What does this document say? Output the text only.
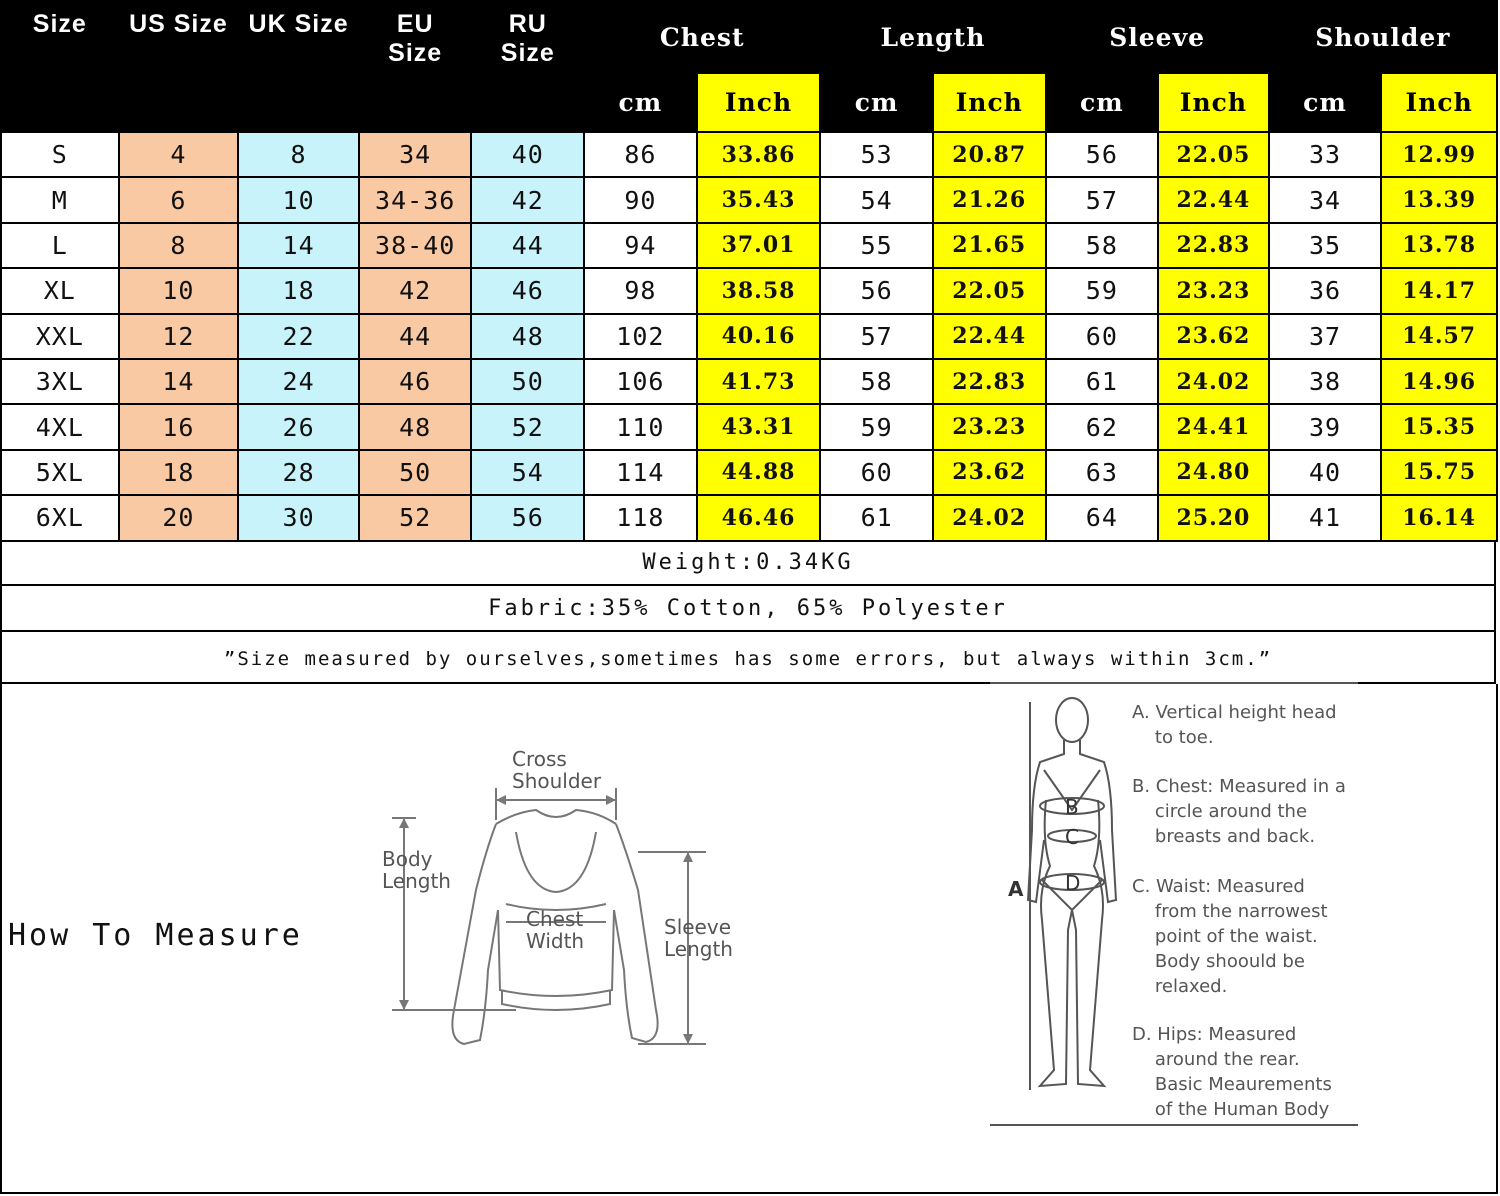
Size	US Size	UK Size	EU Size	RU Size	Chest		Length		Sleeve		Shoulder	
					cm	Inch	cm	Inch	cm	Inch	cm	Inch
S	4	8	34	40	86	33.86	53	20.87	56	22.05	33	12.99
M	6	10	34-36	42	90	35.43	54	21.26	57	22.44	34	13.39
L	8	14	38-40	44	94	37.01	55	21.65	58	22.83	35	13.78
XL	10	18	42	46	98	38.58	56	22.05	59	23.23	36	14.17
XXL	12	22	44	48	102	40.16	57	22.44	60	23.62	37	14.57
3XL	14	24	46	50	106	41.73	58	22.83	61	24.02	38	14.96
4XL	16	26	48	52	110	43.31	59	23.23	62	24.41	39	15.35
5XL	18	28	50	54	114	44.88	60	23.62	63	24.80	40	15.75
6XL	20	30	52	56	118	46.46	61	24.02	64	25.20	41	16.14
Weight:0.34KG
Fabric:35% Cotton, 65% Polyester
”Size measured by ourselves,sometimes has some errors, but always within 3cm.”
How To Measure
Cross Shoulder
Body Length
Chest Width
Sleeve Length
A
B
C
D
A. Vertical height head
to toe.
B. Chest: Measured in a
circle around the
breasts and back.
C. Waist: Measured
from the narrowest
point of the waist.
Body shoould be
relaxed.
D. Hips: Measured
around the rear.
Basic Meaurements
of the Human Body
